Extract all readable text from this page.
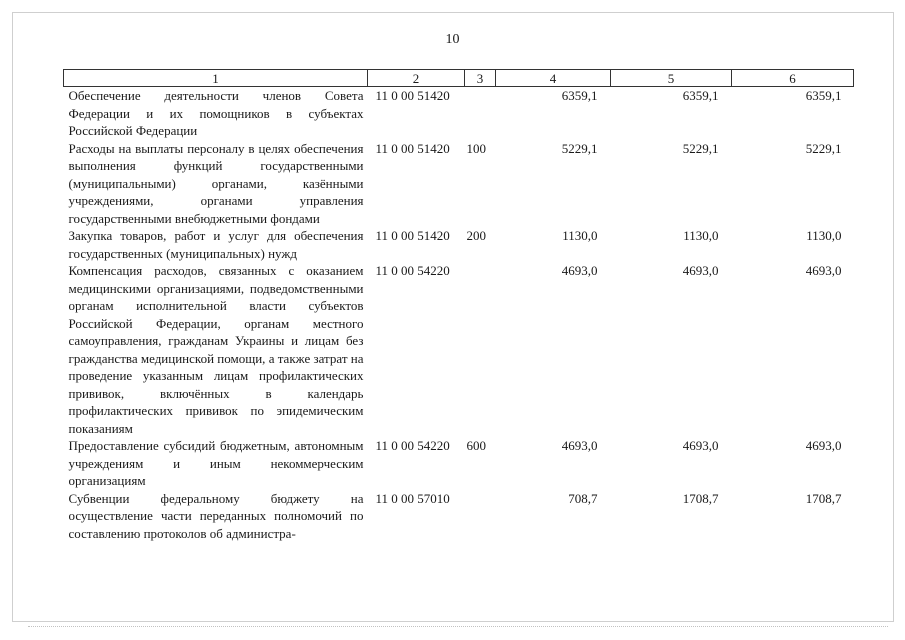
10
1	2	3	4	5	6
Обеспечение деятельности членов Совета Федерации и их помощников в субъектах Российской Федерации	11 0 00 51420		6359,1	6359,1	6359,1
Расходы на выплаты персоналу в целях обеспечения выполнения функций государственными (муниципальными) органами, казёнными учреждениями, органами управления государственными внебюджетными фондами	11 0 00 51420	100	5229,1	5229,1	5229,1
Закупка товаров, работ и услуг для обеспечения государственных (муниципальных) нужд	11 0 00 51420	200	1130,0	1130,0	1130,0
Компенсация расходов, связанных с оказанием медицинскими организациями, подведомственными органам исполнительной власти субъектов Российской Федерации, органам местного самоуправления, гражданам Украины и лицам без гражданства медицинской помощи, а также затрат на проведение указанным лицам профилактических прививок, включённых в календарь профилактических прививок по эпидемическим показаниям	11 0 00 54220		4693,0	4693,0	4693,0
Предоставление субсидий бюджетным, автономным учреждениям и иным некоммерческим организациям	11 0 00 54220	600	4693,0	4693,0	4693,0
Субвенции федеральному бюджету на осуществление части переданных полномочий по составлению протоколов об администра-	11 0 00 57010		708,7	1708,7	1708,7
